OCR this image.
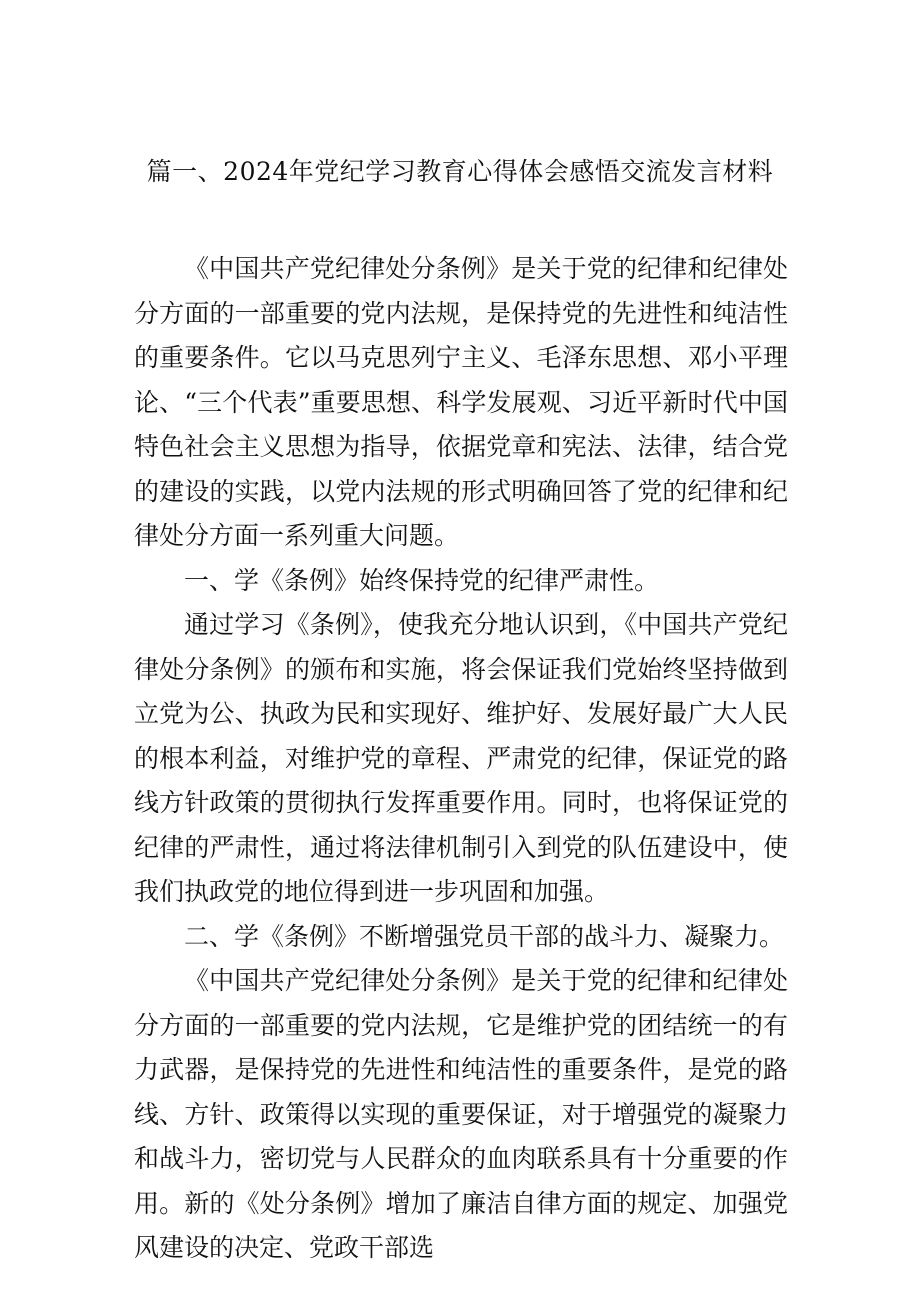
篇一、2024年党纪学习教育心得体会感悟交流发言材料

《中国共产党纪律处分条例》是关于党的纪律和纪律处分方面的一部重要的党内法规，是保持党的先进性和纯洁性的重要条件。它以马克思列宁主义、毛泽东思想、邓小平理论、“三个代表”重要思想、科学发展观、习近平新时代中国特色社会主义思想为指导，依据党章和宪法、法律，结合党的建设的实践，以党内法规的形式明确回答了党的纪律和纪律处分方面一系列重大问题。

一、学《条例》始终保持党的纪律严肃性。

通过学习《条例》，使我充分地认识到，《中国共产党纪律处分条例》的颁布和实施，将会保证我们党始终坚持做到立党为公、执政为民和实现好、维护好、发展好最广大人民的根本利益，对维护党的章程、严肃党的纪律，保证党的路线方针政策的贯彻执行发挥重要作用。同时，也将保证党的纪律的严肃性，通过将法律机制引入到党的队伍建设中，使我们执政党的地位得到进一步巩固和加强。

二、学《条例》不断增强党员干部的战斗力、凝聚力。

《中国共产党纪律处分条例》是关于党的纪律和纪律处分方面的一部重要的党内法规，它是维护党的团结统一的有力武器，是保持党的先进性和纯洁性的重要条件，是党的路线、方针、政策得以实现的重要保证，对于增强党的凝聚力和战斗力，密切党与人民群众的血肉联系具有十分重要的作用。新的《处分条例》增加了廉洁自律方面的规定、加强党风建设的决定、党政干部选
